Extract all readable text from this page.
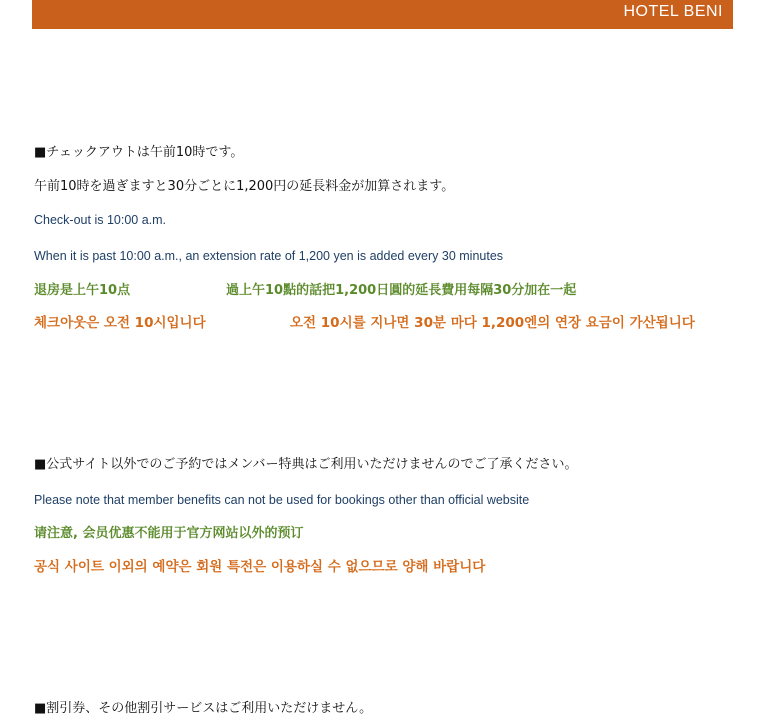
HOTEL BENI
■チェックアウトは午前10時です。
午前10時を過ぎますと30分ごとに1,200円の延長料金が加算されます。
Check-out is 10:00 a.m.
When it is past 10:00 a.m., an extension rate of 1,200 yen is added every 30 minutes
退房是上午10点	過上午10點的話把1,200日圓的延長費用每隔30分加在一起
체크아웃은 오전 10시입니다	오전 10시를 지나면 30분 마다 1,200엔의 연장 요금이 가산됩니다
■公式サイト以外でのご予約ではメンバー特典はご利用いただけませんのでご了承ください。
Please note that member benefits can not be used for bookings other than official website
请注意, 会员优惠不能用于官方网站以外的预订
공식 사이트 이외의 예약은 회원 특전은 이용하실 수 없으므로 양해 바랍니다
■割引券、その他割引サービスはご利用いただけません。
